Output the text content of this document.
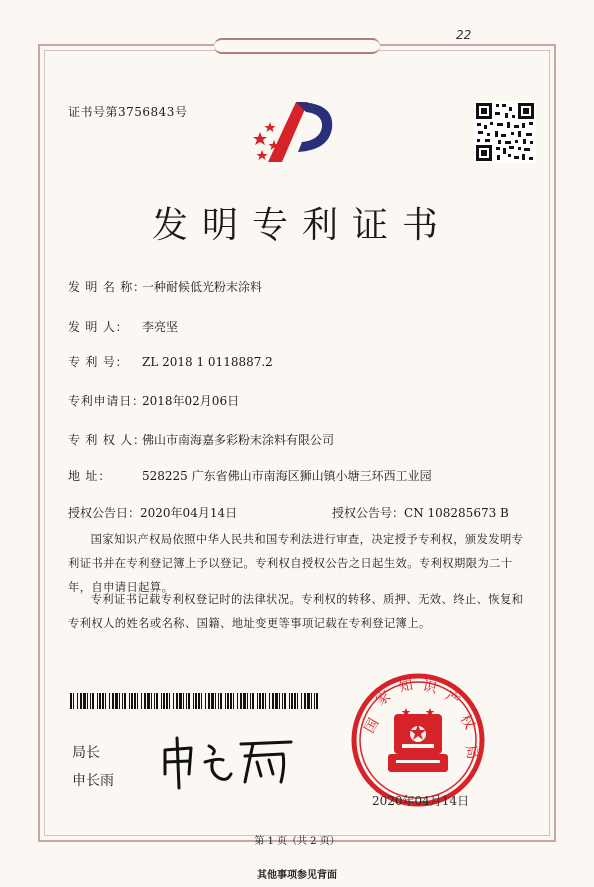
22
证书号第3756843号
发明专利证书
发 明 名 称：一种耐候低光粉末涂料
发 明 人： 李亮坚
专 利 号： ZL 2018 1 0118887.2
专利申请日：2018年02月06日
专 利 权 人：佛山市南海嘉多彩粉末涂料有限公司
地 址：	528225 广东省佛山市南海区狮山镇小塘三环西工业园
授权公告日：2020年04月14日	授权公告号：CN 108285673 B
国家知识产权局依照中华人民共和国专利法进行审查，决定授予专利权，颁发发明专利证书并在专利登记簿上予以登记。专利权自授权公告之日起生效。专利权期限为二十年，自申请日起算。
专利证书记载专利权登记时的法律状况。专利权的转移、质押、无效、终止、恢复和专利权人的姓名或名称、国籍、地址变更等事项记载在专利登记簿上。
局长
申长雨
国
家
知 识
产
权
局
2020年04月14日
第 1 页（共 2 页）
其他事项参见背面
